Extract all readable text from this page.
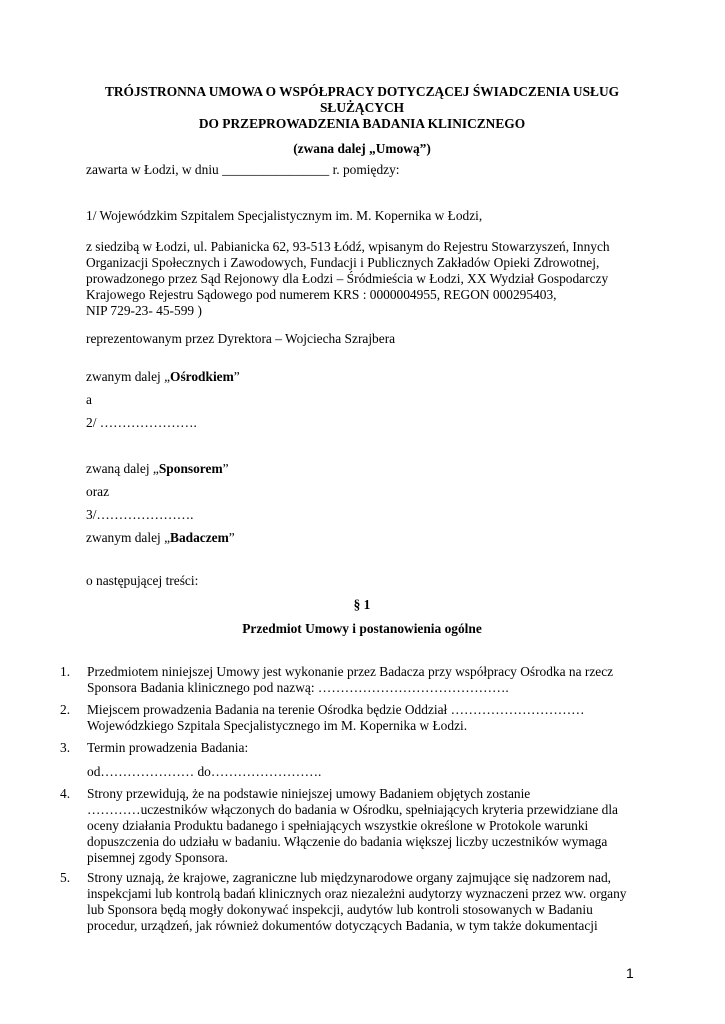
TRÓJSTRONNA UMOWA O WSPÓŁPRACY DOTYCZĄCEJ ŚWIADCZENIA USŁUG
SŁUŻĄCYCH
DO PRZEPROWADZENIA BADANIA KLINICZNEGO
(zwana dalej „Umową”)
zawarta w Łodzi, w dniu ________________ r. pomiędzy:
1/ Wojewódzkim Szpitalem Specjalistycznym im. M. Kopernika w Łodzi,
z siedzibą w Łodzi, ul. Pabianicka 62, 93-513 Łódź, wpisanym do Rejestru Stowarzyszeń, Innych
Organizacji Społecznych i Zawodowych, Fundacji i Publicznych Zakładów Opieki Zdrowotnej,
prowadzonego przez Sąd Rejonowy dla Łodzi – Śródmieścia w Łodzi, XX Wydział Gospodarczy
Krajowego Rejestru Sądowego pod numerem KRS : 0000004955, REGON 000295403,
NIP 729-23- 45-599 )
reprezentowanym przez Dyrektora – Wojciecha Szrajbera
zwanym dalej „Ośrodkiem”
a
2/ ………………….
zwaną dalej „Sponsorem”
oraz
3/………………….
zwanym dalej „Badaczem”
o następującej treści:
§ 1
Przedmiot Umowy i postanowienia ogólne
1.	Przedmiotem niniejszej Umowy jest wykonanie przez Badacza przy współpracy Ośrodka na rzecz
Sponsora Badania klinicznego pod nazwą: …………………………………….
2.	Miejscem prowadzenia Badania na terenie Ośrodka będzie Oddział …………………………
Wojewódzkiego Szpitala Specjalistycznego im M. Kopernika w Łodzi.
3.	Termin prowadzenia Badania:
od………………… do…………………….
4.	Strony przewidują, że na podstawie niniejszej umowy Badaniem objętych zostanie
…………uczestników włączonych do badania w Ośrodku, spełniających kryteria przewidziane dla
oceny działania Produktu badanego i spełniających wszystkie określone w Protokole warunki
dopuszczenia do udziału w badaniu. Włączenie do badania większej liczby uczestników wymaga
pisemnej zgody Sponsora.
5.	Strony uznają, że krajowe, zagraniczne lub międzynarodowe organy zajmujące się nadzorem nad,
inspekcjami lub kontrolą badań klinicznych oraz niezależni audytorzy wyznaczeni przez ww. organy
lub Sponsora będą mogły dokonywać inspekcji, audytów lub kontroli stosowanych w Badaniu
procedur, urządzeń, jak również dokumentów dotyczących Badania, w tym także dokumentacji
1
